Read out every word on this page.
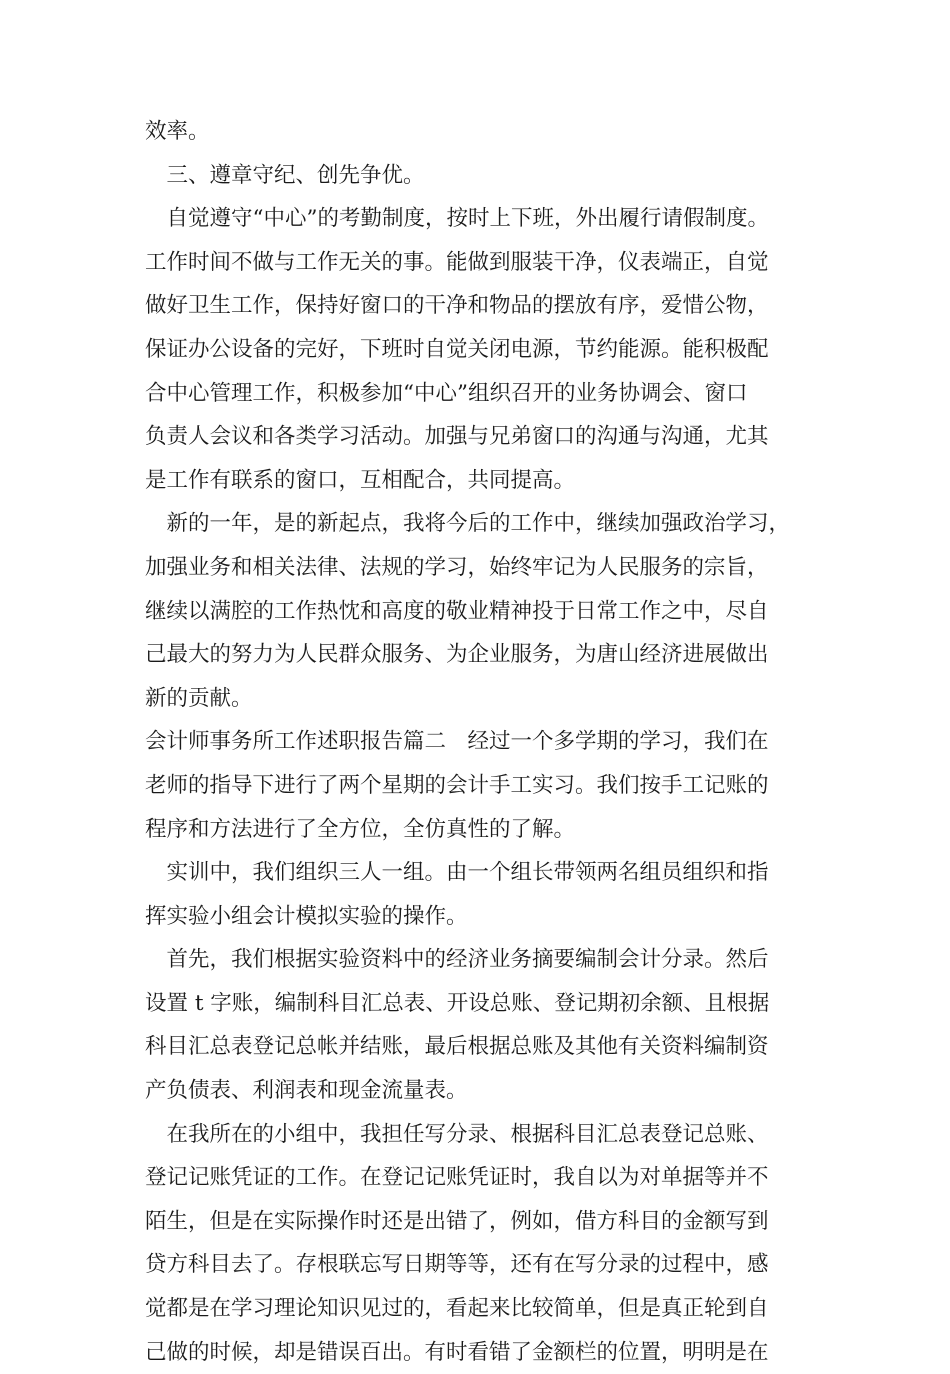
效率。
　三、遵章守纪、创先争优。
　自觉遵守“中心”的考勤制度，按时上下班，外出履行请假制度。
工作时间不做与工作无关的事。能做到服装干净，仪表端正，自觉
做好卫生工作，保持好窗口的干净和物品的摆放有序，爱惜公物，
保证办公设备的完好，下班时自觉关闭电源，节约能源。能积极配
合中心管理工作，积极参加“中心”组织召开的业务协调会、窗口
负责人会议和各类学习活动。加强与兄弟窗口的沟通与沟通，尤其
是工作有联系的窗口，互相配合，共同提高。
　新的一年，是的新起点，我将今后的工作中，继续加强政治学习，
加强业务和相关法律、法规的学习，始终牢记为人民服务的宗旨，
继续以满腔的工作热忱和高度的敬业精神投于日常工作之中，尽自
己最大的努力为人民群众服务、为企业服务，为唐山经济进展做出
新的贡献。
会计师事务所工作述职报告篇二　经过一个多学期的学习，我们在
老师的指导下进行了两个星期的会计手工实习。我们按手工记账的
程序和方法进行了全方位，全仿真性的了解。
　实训中，我们组织三人一组。由一个组长带领两名组员组织和指
挥实验小组会计模拟实验的操作。
　首先，我们根据实验资料中的经济业务摘要编制会计分录。然后
设置 t 字账，编制科目汇总表、开设总账、登记期初余额、且根据
科目汇总表登记总帐并结账，最后根据总账及其他有关资料编制资
产负债表、利润表和现金流量表。
　在我所在的小组中，我担任写分录、根据科目汇总表登记总账、
登记记账凭证的工作。在登记记账凭证时，我自以为对单据等并不
陌生，但是在实际操作时还是出错了，例如，借方科目的金额写到
贷方科目去了。存根联忘写日期等等，还有在写分录的过程中，感
觉都是在学习理论知识见过的，看起来比较简单，但是真正轮到自
己做的时候，却是错误百出。有时看错了金额栏的位置，明明是在
